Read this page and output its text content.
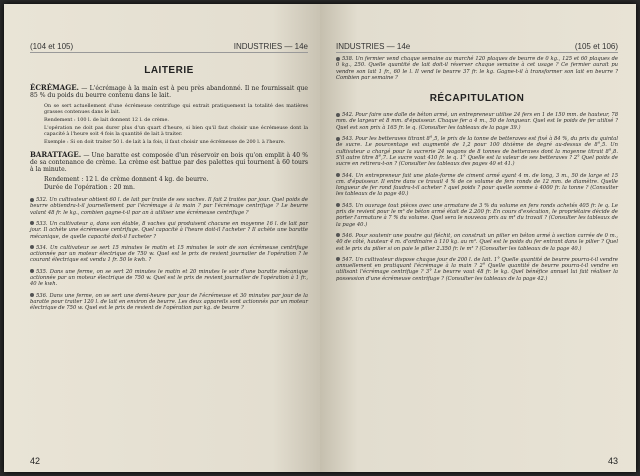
(104 et 105)	INDUSTRIES — 14e
LAITERIE

ÉCRÉMAGE. — L'écrémage à la main est à peu près abandonné. Il ne fournissait que 85 % du poids du beurre contenu dans le lait.

On se sert actuellement d'une écrémeuse centrifuge qui extrait pratiquement la totalité des matières grasses contenues dans le lait.

Rendement : 100 l. de lait donnent 12 l. de crème.

L'opération ne doit pas durer plus d'un quart d'heure, si bien qu'il faut choisir une écrémeuse dont la capacité à l'heure soit 4 fois la quantité de lait à traiter.

Exemple : Si on doit traiter 50 l. de lait à la fois, il faut choisir une écrémeuse de 200 l. à l'heure.

BARATTAGE. — Une baratte est composée d'un réservoir en bois qu'on emplit à 40 % de sa contenance de crème. La crème est battue par des palettes qui tournent à 60 tours à la minute.

Rendement : 12 l. de crème donnent 4 kg. de beurre.

Durée de l'opération : 20 mn.

532. Un cultivateur obtient 60 l. de lait par traite de ses vaches. Il fait 2 traites par jour. Quel poids de beurre obtiendra-t-il journellement par l'écrémage à la main ? par l'écrémage centrifuge ? Le beurre valant 48 fr. le kg., combien gagne-t-il par an à utiliser une écrémeuse centrifuge ?

533. Un cultivateur a, dans son étable, 8 vaches qui produisent chacune en moyenne 16 l. de lait par jour. Il achète une écrémeuse centrifuge. Quel capacité à l'heure doit-il l'acheter ? Il achète une baratte mécanique, de quelle capacité doit-il l'acheter ?

534. Un cultivateur se sert 15 minutes le matin et 15 minutes le soir de son écrémeuse centrifuge actionnée par un moteur électrique de 750 w. Quel est le prix de revient journalier de l'opération ? le courant électrique est vendu 1 fr. 50 le kwh. ?

535. Dans une ferme, on se sert 20 minutes le matin et 20 minutes le soir d'une baratte mécanique actionnée par un moteur électrique de 750 w. Quel est le prix de revient journalier de l'opération à 1 fr., 40 le kwh.

536. Dans une ferme, on se sert une demi-heure par jour de l'écrémeuse et 30 minutes par jour de la baratte pour traiter 120 l. de lait en environ de beurre. Les deux appareils sont actionnés par un moteur électrique de 750 w. Quel est le prix de revient de l'opération par kg. de beurre ?

42
INDUSTRIES — 14e	(105 et 106)

538. Un fermier vend chaque semaine au marché 120 plaques de beurre de 0 kg., 125 et 60 plaques de 0 kg., 250. Quelle quantité de lait doit-il réserver chaque semaine à cet usage ? Ce fermier aurait pu vendre son lait 1 fr., 60 le l. Il vend le beurre 37 fr. le kg. Gagne-t-il à transformer son lait en beurre ? Combien par semaine ?

RÉCAPITULATION

542. Pour faire une dalle de béton armé, un entrepreneur utilise 24 fers en 1 de 150 mm. de hauteur, 78 mm. de largeur et 8 mm. d'épaisseur. Chaque fer a 4 m., 50 de longueur. Quel est le poids de fer utilisé ? Quel est son prix à 165 fr. le q. (Consulter les tableaux de la page 39.)

543. Pour les betteraves titrant 8°,5, le prix de la tonne de betteraves est fixé à 84 %, du prix du quintal de sucre. Le pourcentage est augmenté de 1,2 pour 100 dixième de degré au-dessus de 8°,5. Un cultivateur a chargé pour la sucrerie 24 wagons de 8 tonnes de betteraves dont la moyenne titrait 8°,8. S'il autre titre 8°,7. Le sucre vaut 410 fr. le q. 1° Quelle est la valeur de ses betteraves ? 2° Quel poids de sucre en retirera-t-on ? (Consulter les tableaux des pages 40 et 41.)

544. Un entrepreneur fait une plate-forme de ciment armé ayant 4 m. de long, 3 m., 50 de large et 15 cm. d'épaisseur. Il entre dans ce travail 4 % de ce volume de fers ronds de 12 mm. de diamètre. Quelle longueur de fer rond faudra-t-il acheter ? quel poids ? pour quelle somme à 4000 fr. la tonne ? (Consulter les tableaux de la page 40.)

545. Un ouvrage tout pièces avec une armature de 3 % du volume en fers ronds achetés 405 fr. le q. Le prix de revient pour le m³ de béton armé était de 2.200 fr. En cours d'exécution, le propriétaire décide de porter l'armature à 7 % du volume. Quel sera le nouveau prix au m³ du travail ? (Consulter les tableaux de la page 40.)

546. Pour soutenir une poutre qui fléchit, on construit un pilier en béton armé à section carrée de 0 m., 40 de côté, hauteur 4 m. d'ordinaire à 110 kg. au m³. Quel est le poids du fer entrant dans le pilier ? Quel est le prix du pilier si on paie le pilier 2.350 fr. le m³ ? (Consulter les tableaux de la page 40.)

547. Un cultivateur dispose chaque jour de 200 l. de lait. 1° Quelle quantité de beurre pourra-t-il vendre annuellement en pratiquant l'écrémage à la main ? 2° Quelle quantité de beurre pourra-t-il vendre en utilisant l'écrémage centrifuge ? 3° Le beurre vaut 48 fr. le kg. Quel bénéfice annuel lui fait réaliser la possession d'une écrémeuse centrifuge ? (Consulter les tableaux de la page 42.)

43
